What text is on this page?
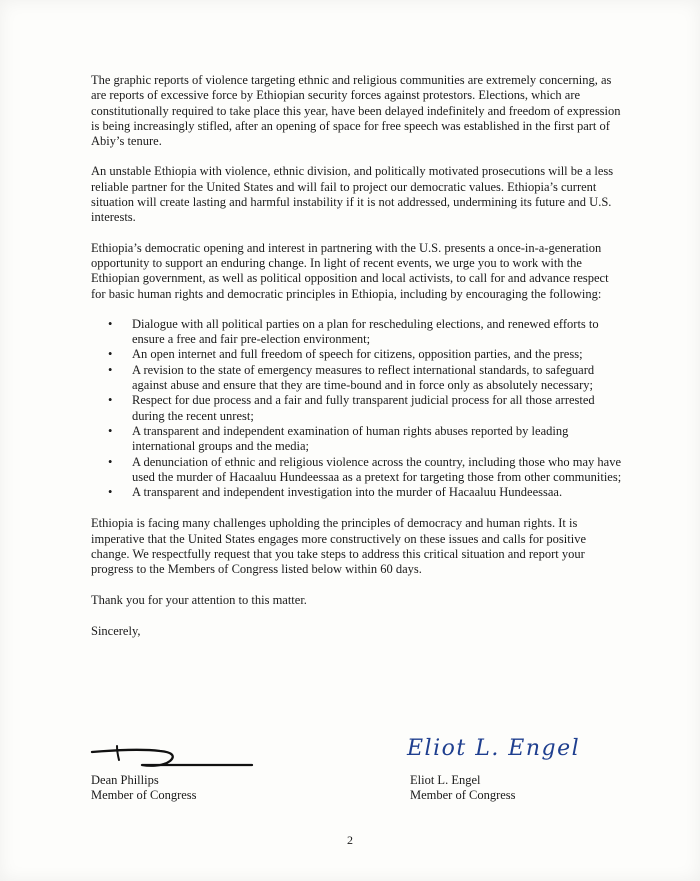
The graphic reports of violence targeting ethnic and religious communities are extremely concerning, as are reports of excessive force by Ethiopian security forces against protestors. Elections, which are constitutionally required to take place this year, have been delayed indefinitely and freedom of expression is being increasingly stifled, after an opening of space for free speech was established in the first part of Abiy’s tenure.

An unstable Ethiopia with violence, ethnic division, and politically motivated prosecutions will be a less reliable partner for the United States and will fail to project our democratic values. Ethiopia’s current situation will create lasting and harmful instability if it is not addressed, undermining its future and U.S. interests.

Ethiopia’s democratic opening and interest in partnering with the U.S. presents a once-in-a-generation opportunity to support an enduring change. In light of recent events, we urge you to work with the Ethiopian government, as well as political opposition and local activists, to call for and advance respect for basic human rights and democratic principles in Ethiopia, including by encouraging the following:

• Dialogue with all political parties on a plan for rescheduling elections, and renewed efforts to ensure a free and fair pre-election environment;
• An open internet and full freedom of speech for citizens, opposition parties, and the press;
• A revision to the state of emergency measures to reflect international standards, to safeguard against abuse and ensure that they are time-bound and in force only as absolutely necessary;
• Respect for due process and a fair and fully transparent judicial process for all those arrested during the recent unrest;
• A transparent and independent examination of human rights abuses reported by leading international groups and the media;
• A denunciation of ethnic and religious violence across the country, including those who may have used the murder of Hacaaluu Hundeessaa as a pretext for targeting those from other communities;
• A transparent and independent investigation into the murder of Hacaaluu Hundeessaa.

Ethiopia is facing many challenges upholding the principles of democracy and human rights. It is imperative that the United States engages more constructively on these issues and calls for positive change. We respectfully request that you take steps to address this critical situation and report your progress to the Members of Congress listed below within 60 days.

Thank you for your attention to this matter.

Sincerely,

Eliot L. Engel

Dean Phillips

Member of Congress

Eliot L. Engel

Member of Congress

2
